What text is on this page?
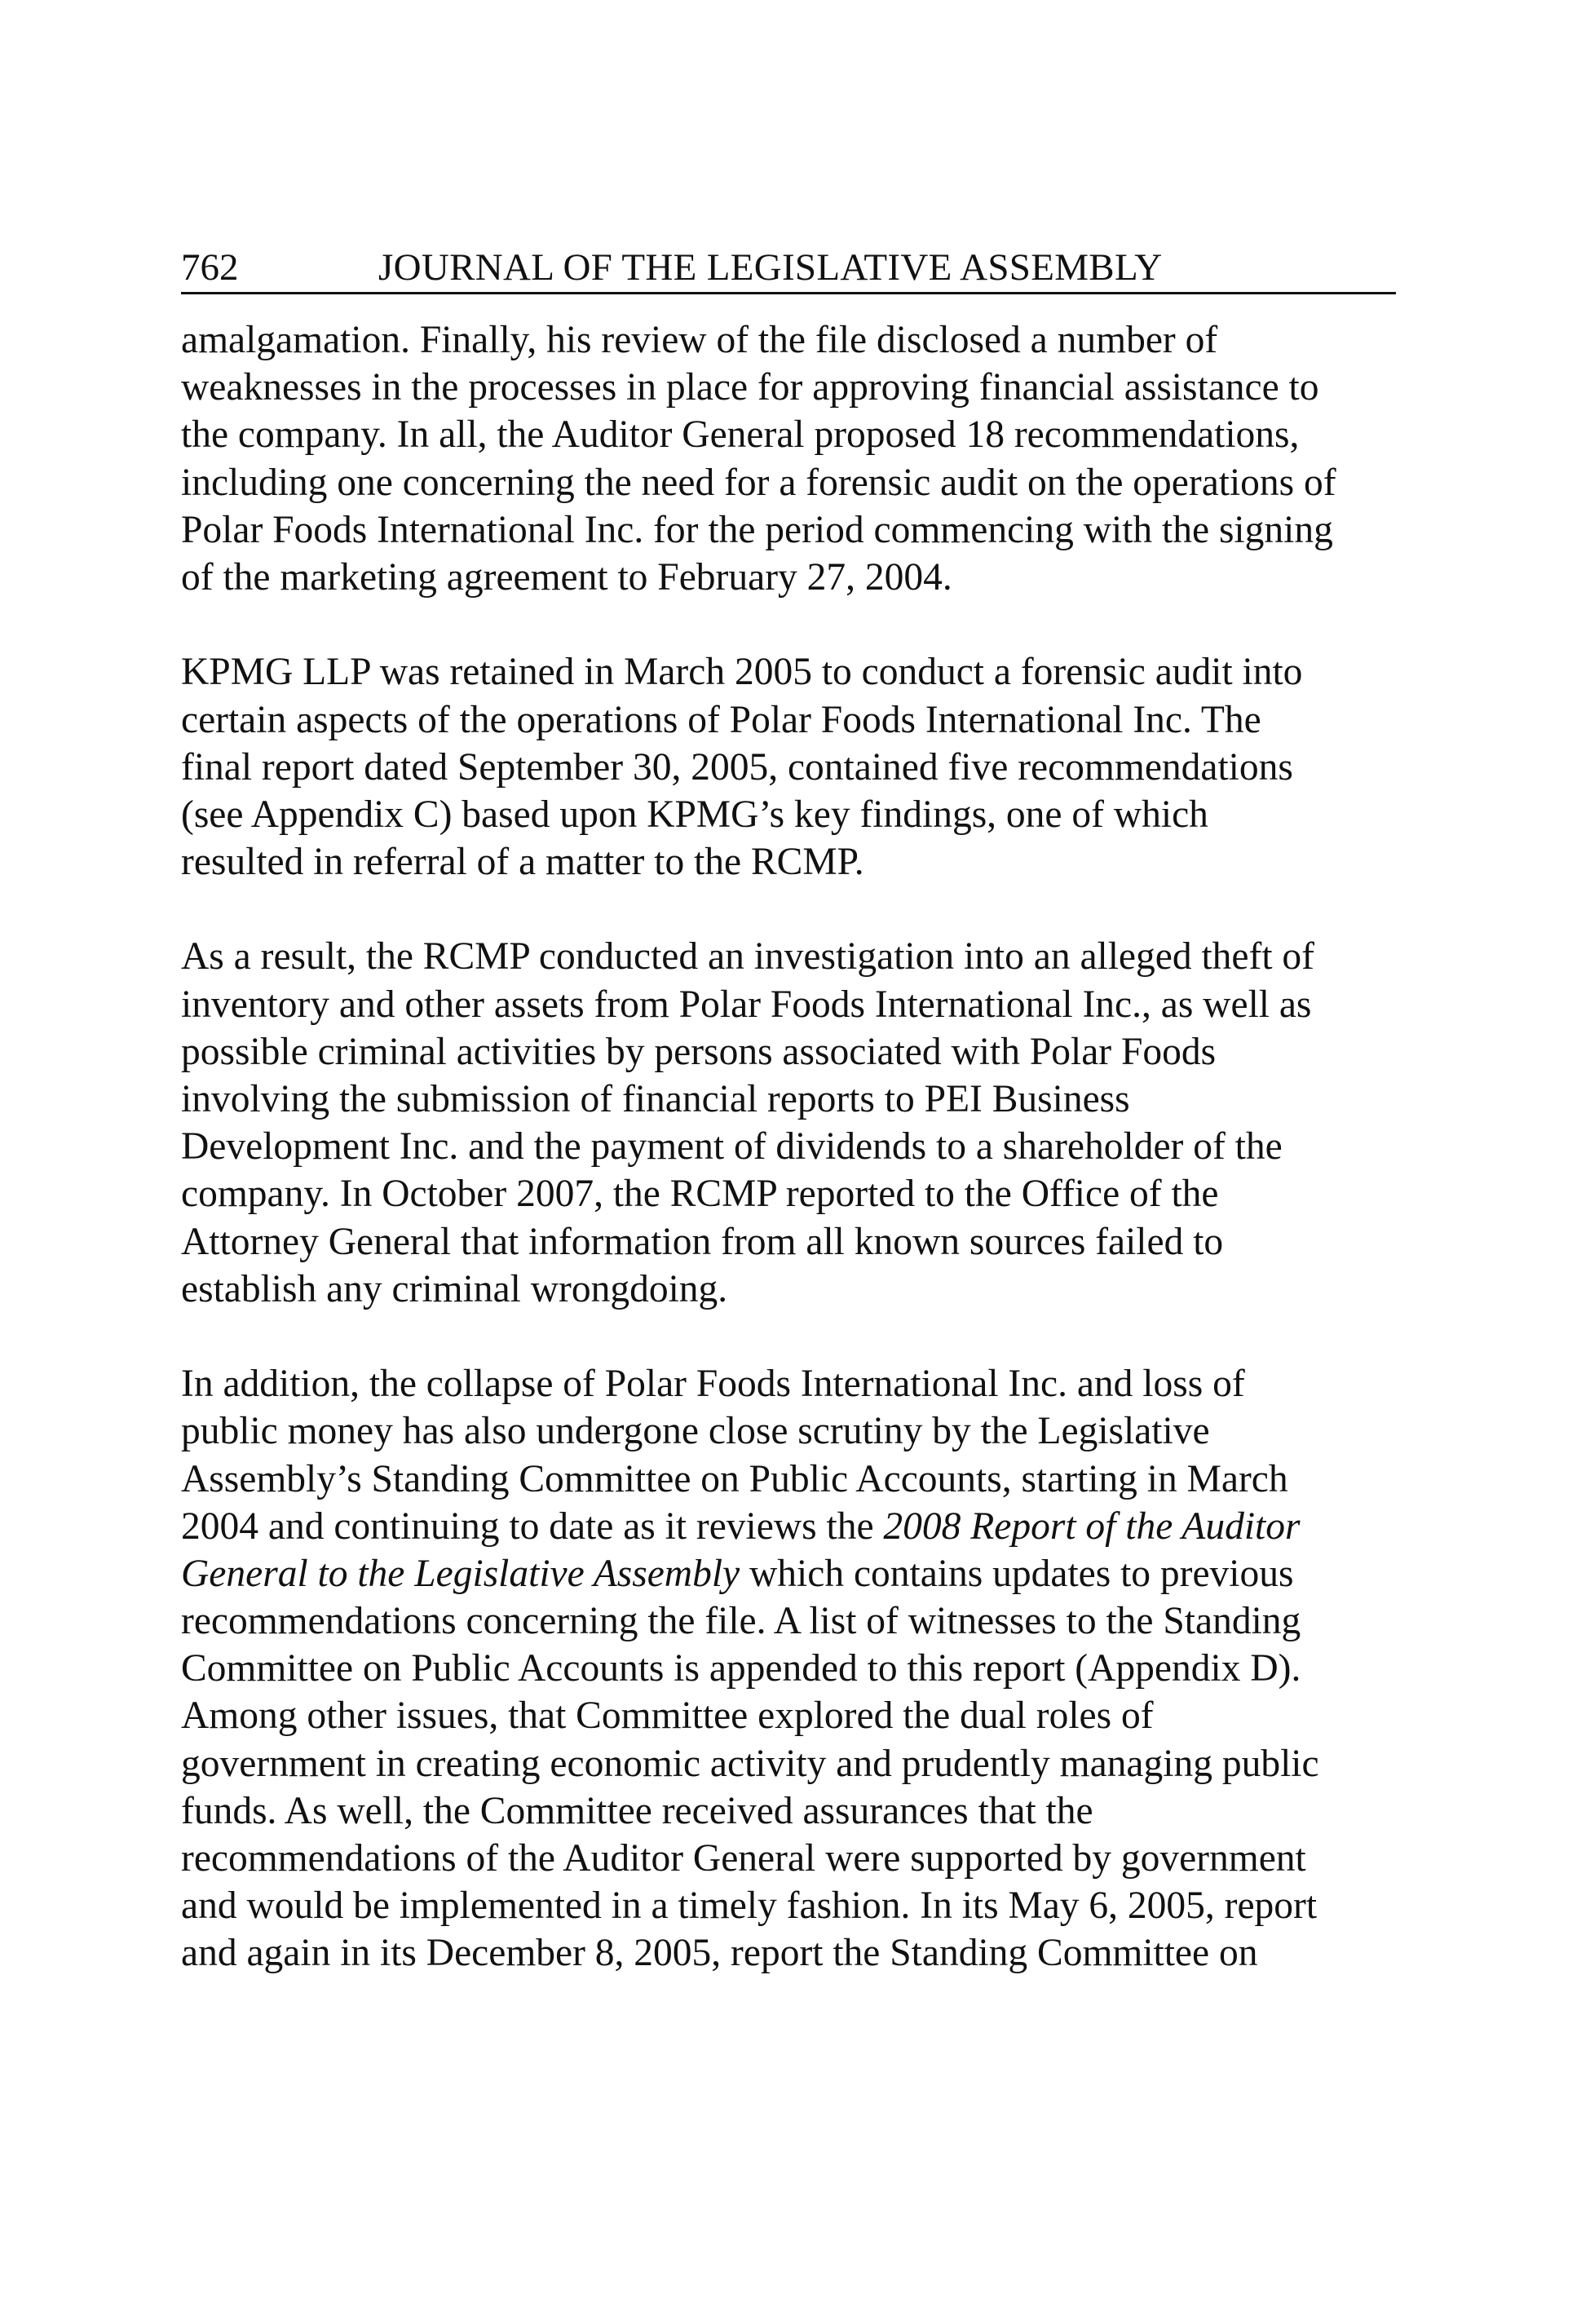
762	JOURNAL OF THE LEGISLATIVE ASSEMBLY
amalgamation. Finally, his review of the file disclosed a number of
weaknesses in the processes in place for approving financial assistance to
the company. In all, the Auditor General proposed 18 recommendations,
including one concerning the need for a forensic audit on the operations of
Polar Foods International Inc. for the period commencing with the signing
of the marketing agreement to February 27, 2004.
KPMG LLP was retained in March 2005 to conduct a forensic audit into
certain aspects of the operations of Polar Foods International Inc. The
final report dated September 30, 2005, contained five recommendations
(see Appendix C) based upon KPMG’s key findings, one of which
resulted in referral of a matter to the RCMP.
As a result, the RCMP conducted an investigation into an alleged theft of
inventory and other assets from Polar Foods International Inc., as well as
possible criminal activities by persons associated with Polar Foods
involving the submission of financial reports to PEI Business
Development Inc. and the payment of dividends to a shareholder of the
company. In October 2007, the RCMP reported to the Office of the
Attorney General that information from all known sources failed to
establish any criminal wrongdoing.
In addition, the collapse of Polar Foods International Inc. and loss of
public money has also undergone close scrutiny by the Legislative
Assembly’s Standing Committee on Public Accounts, starting in March
2004 and continuing to date as it reviews the 2008 Report of the Auditor
General to the Legislative Assembly which contains updates to previous
recommendations concerning the file. A list of witnesses to the Standing
Committee on Public Accounts is appended to this report (Appendix D).
Among other issues, that Committee explored the dual roles of
government in creating economic activity and prudently managing public
funds. As well, the Committee received assurances that the
recommendations of the Auditor General were supported by government
and would be implemented in a timely fashion. In its May 6, 2005, report
and again in its December 8, 2005, report the Standing Committee on
